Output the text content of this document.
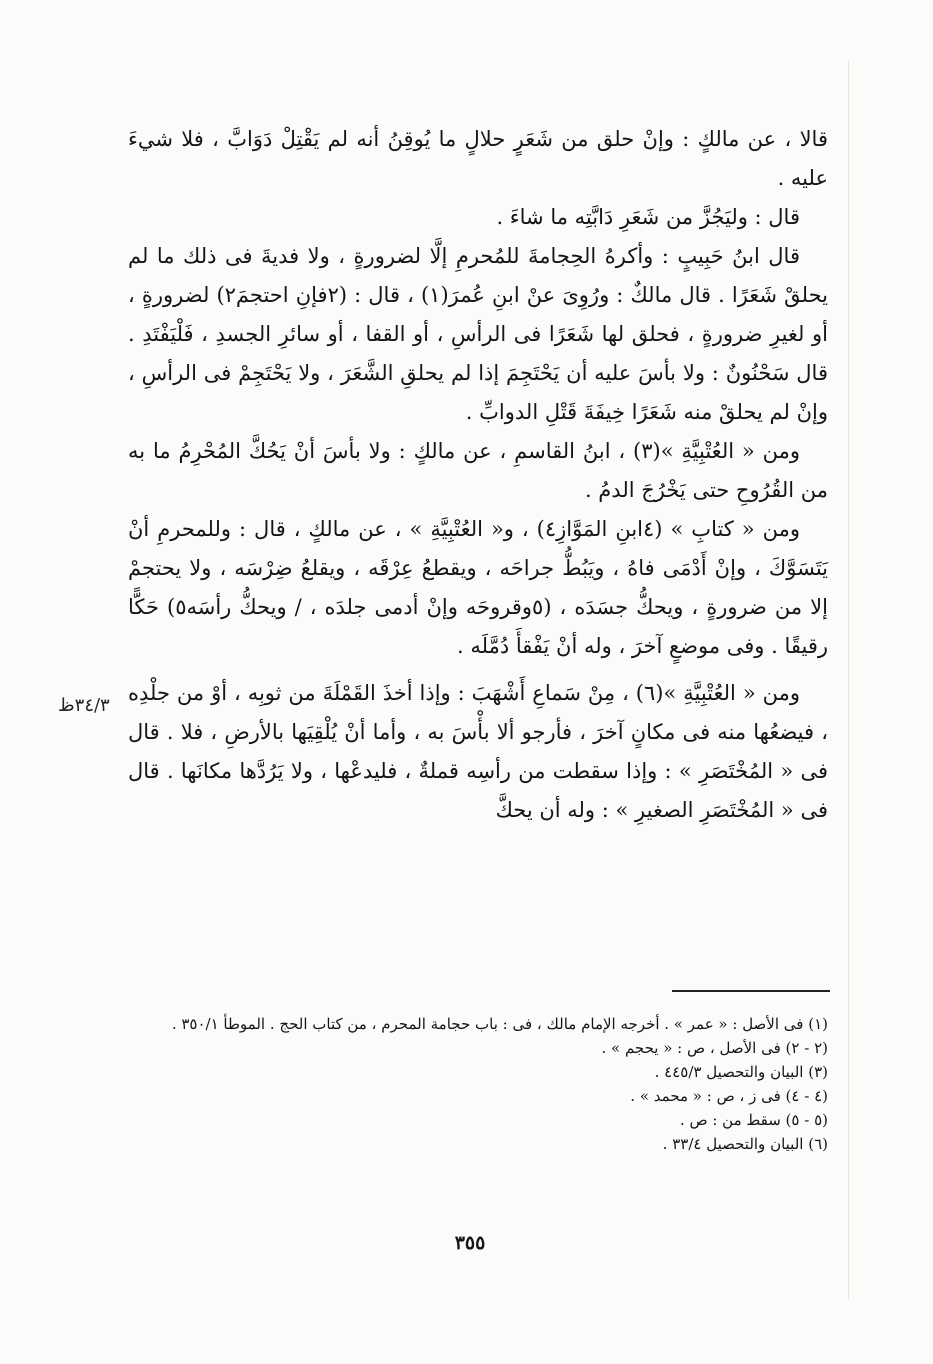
قالا ، عن مالكٍ : وإنْ حلق من شَعَرٍ حلالٍ ما يُوقِنُ أنه لم يَقْتِلْ دَوَابَّ ، فلا شيءَ عليه .

قال : وليَجُزَّ من شَعَرِ دَابَّتِه ما شاءَ .

قال ابنُ حَبِيبٍ : وأكرهُ الحِجامةَ للمُحرمِ إلَّا لضرورةٍ ، ولا فديةَ فى ذلك ما لم يحلقْ شَعَرًا . قال مالكٌ : ورُوِىَ عنْ ابنِ عُمرَ(١) ، قال : (٢فإنِ احتجمَ٢) لضرورةٍ ، أو لغيرِ ضرورةٍ ، فحلق لها شَعَرًا فى الرأسِ ، أو القفا ، أو سائرِ الجسدِ ، فَلْيَفْتَدِ . قال سَحْنُونٌ : ولا بأسَ عليه أن يَحْتَجِمَ إذا لم يحلقِ الشَّعَرَ ، ولا يَحْتَجِمْ فى الرأسِ ، وإنْ لم يحلقْ منه شَعَرًا خِيفَةَ قَتْلِ الدوابِّ .

ومن « العُتْبِيَّةِ »(٣) ، ابنُ القاسمِ ، عن مالكٍ : ولا بأسَ أنْ يَحُكَّ المُحْرِمُ ما به من القُرُوحِ حتى يَخْرُجَ الدمُ .

ومن « كتابِ » (٤ابنِ المَوَّازِ٤) ، و« العُتْبِيَّةِ » ، عن مالكٍ ، قال : وللمحرمِ أنْ يَتَسَوَّكَ ، وإنْ أَدْمَى فاهُ ، ويَبُطُّ جراحَه ، ويقطعُ عِرْقَه ، ويقلعُ ضِرْسَه ، ولا يحتجمْ إلا من ضرورةٍ ، ويحكُّ جسَدَه ، (٥وقروحَه وإنْ أدمى جلدَه ، / ويحكُّ رأسَه٥) حَكًّا رقيقًا . وفى موضعٍ آخرَ ، وله أنْ يَفْقأَ دُمَّلَه .

ومن « العُتْبِيَّةِ »(٦) ، مِنْ سَماعِ أَشْهَبَ : وإذا أخذَ القَمْلَةَ من ثوبِه ، أوْ من جلْدِه ، فيضعُها منه فى مكانٍ آخرَ ، فأرجو ألا بأْسَ به ، وأما أنْ يُلْقِيَها بالأرضِ ، فلا . قال فى « المُخْتَصَرِ » : وإذا سقطت من رأسِه قملةٌ ، فليدعْها ، ولا يَرُدَّها مكانَها . قال فى « المُخْتَصَرِ الصغيرِ » : وله أن يحكَّ

٣٤/٣ظ

(١) فى الأصل : « عمر » . أخرجه الإمام مالك ، فى : باب حجامة المحرم ، من كتاب الحج . الموطأ ٣٥٠/١ .

(٢ - ٢) فى الأصل ، ص : « يحجم » .

(٣) البيان والتحصيل ٤٤٥/٣ .

(٤ - ٤) فى ز ، ص : « محمد » .

(٥ - ٥) سقط من : ص .

(٦) البيان والتحصيل ٣٣/٤ .

٣٥٥
